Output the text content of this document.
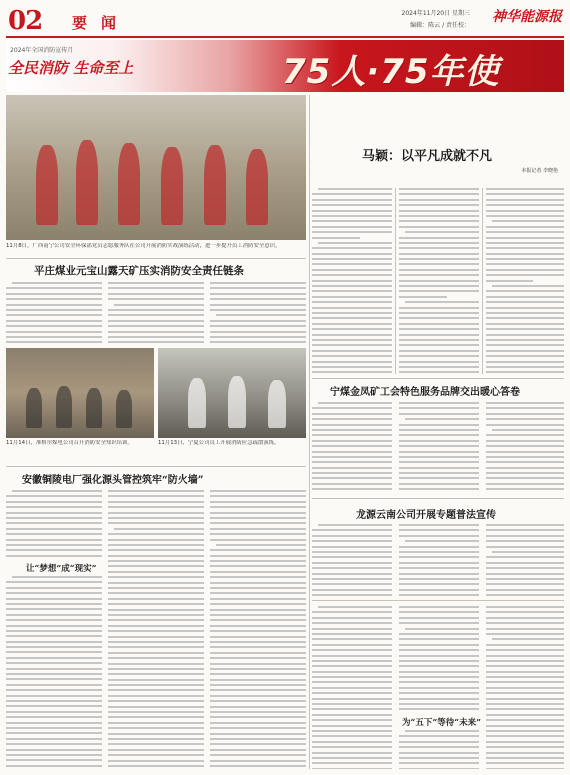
02 要闻
2024年11月20日 星期三
编辑：陈云 / 责任校：
神华能源报
2024年全国消防宣传月
全民消防 生命至上	75人·75年使
11月8日，广西南宁公司安全环保部党员志愿服务队在公司开展消防实战演练活动，进一步提升员工消防安全意识。
马颖：以平凡成就不凡
本报记者 李晓艳
平庄煤业元宝山露天矿压实消防安全责任链条
11月14日，准格尔煤电公司召开消防安全知识培训。	11月13日，宁夏公司员工开展消防应急疏散演练。
宁煤金凤矿工会特色服务品牌交出暖心答卷
安徽铜陵电厂强化源头管控筑牢“防火墙”
让“梦想”成“现实”
龙源云南公司开展专题普法宣传
为“五下”等待“未来”
